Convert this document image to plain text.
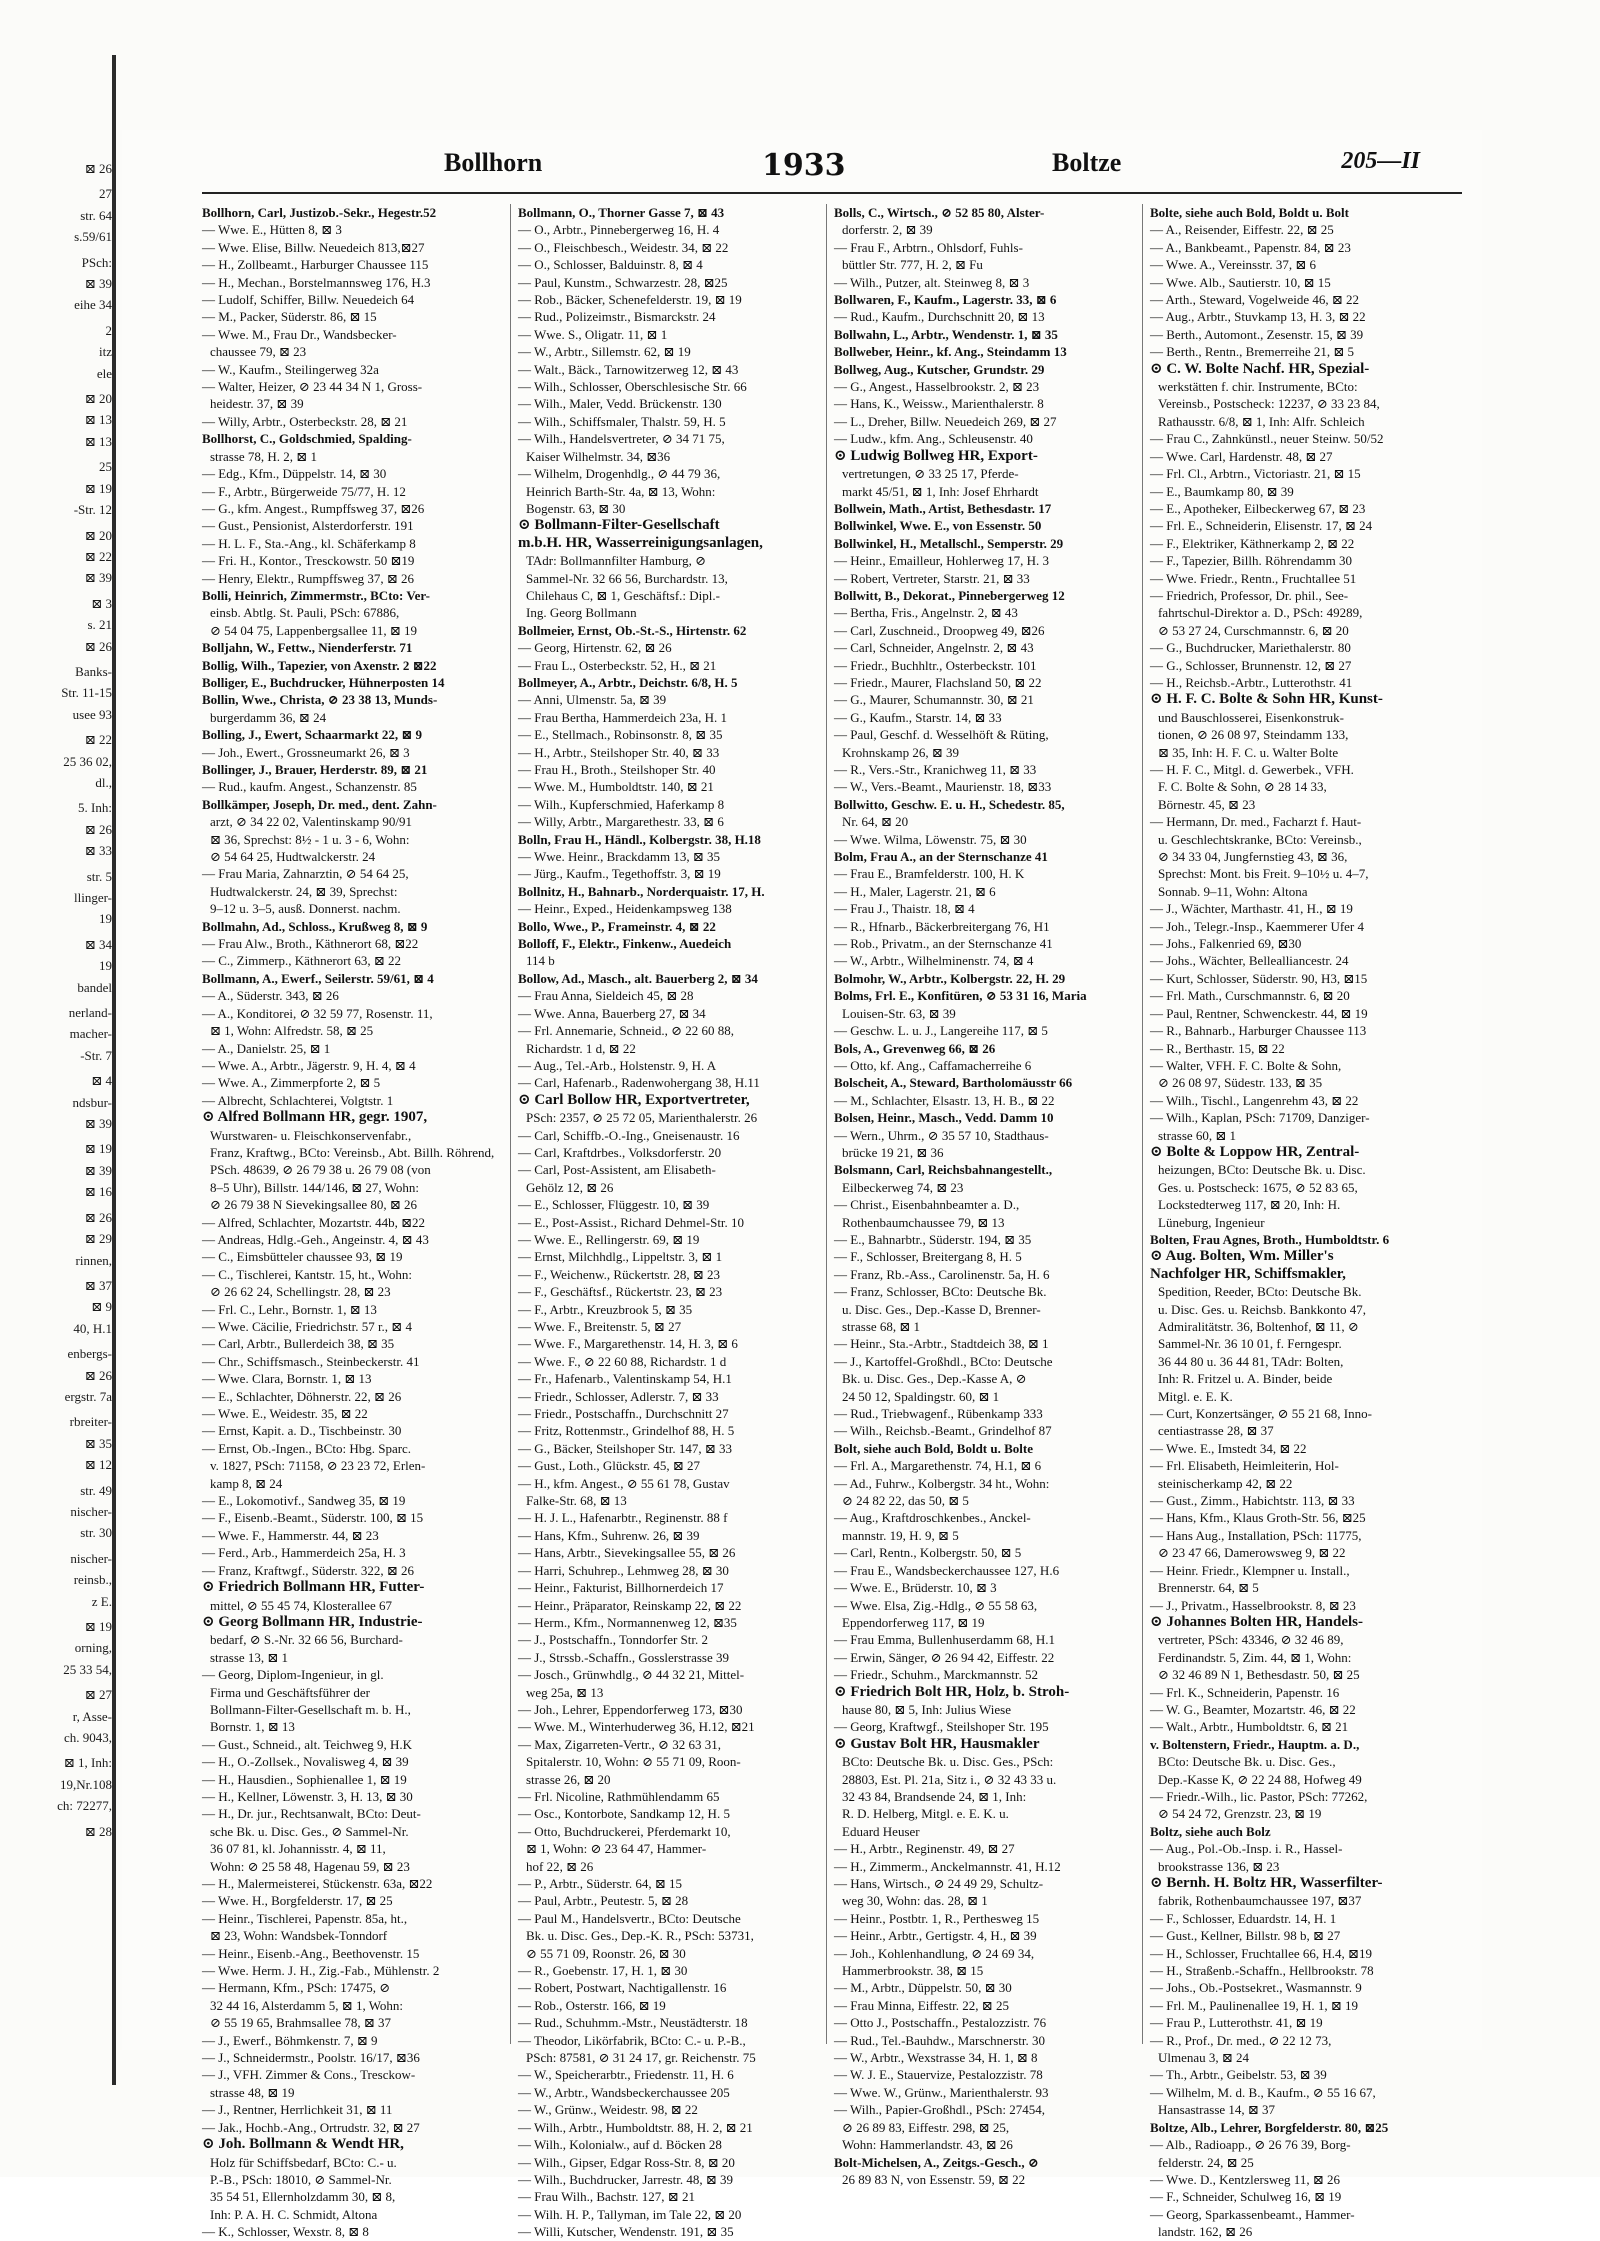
⊠ 26
27
str. 64
s.59/61
PSch:
⊠ 39
eihe 34
2
itz
ele
⊠ 20
⊠ 13
⊠ 13
25
⊠ 19
-Str. 12
⊠ 20
⊠ 22
⊠ 39
⊠ 3
s. 21
⊠ 26
Banks-
Str. 11-15
usee 93
⊠ 22
25 36 02,
dl.,
5. Inh:
⊠ 26
⊠ 33
str. 5
llinger-
19
⊠ 34
19
bandel
nerland-
macher-
-Str. 7
⊠ 4
ndsbur-
⊠ 39
⊠ 19
⊠ 39
⊠ 16
⊠ 26
⊠ 29
rinnen,
⊠ 37
⊠ 9
40, H.1
enbergs-
⊠ 26
ergstr. 7a
rbreiter-
⊠ 35
⊠ 12
str. 49
nischer-
str. 30
nischer-
reinsb.,
z E.
⊠ 19
orning,
25 33 54,
⊠ 27
r, Asse-
ch. 9043,
⊠ 1, Inh:
19,Nr.108
ch: 72277,
⊠ 28
Bollhorn	1933	Boltze	205—II
Bollhorn, Carl, Justizob.-Sekr., Hegestr.52
— Wwe. E., Hütten 8, ⊠ 3
— Wwe. Elise, Billw. Neuedeich 813,⊠27
— H., Zollbeamt., Harburger Chaussee 115
— H., Mechan., Borstelmannsweg 176, H.3
— Ludolf, Schiffer, Billw. Neuedeich 64
— M., Packer, Süderstr. 86, ⊠ 15
— Wwe. M., Frau Dr., Wandsbecker-
chaussee 79, ⊠ 23
— W., Kaufm., Steilingerweg 32a
— Walter, Heizer, ⊘ 23 44 34 N 1, Gross-
heidestr. 37, ⊠ 39
— Willy, Arbtr., Osterbeckstr. 28, ⊠ 21
Bollhorst, C., Goldschmied, Spalding-
strasse 78, H. 2, ⊠ 1
— Edg., Kfm., Düppelstr. 14, ⊠ 30
— F., Arbtr., Bürgerweide 75/77, H. 12
— G., kfm. Angest., Rumpffsweg 37, ⊠26
— Gust., Pensionist, Alsterdorferstr. 191
— H. L. F., Sta.-Ang., kl. Schäferkamp 8
— Fri. H., Kontor., Tresckowstr. 50 ⊠19
— Henry, Elektr., Rumpffsweg 37, ⊠ 26
Bolli, Heinrich, Zimmermstr., BCto: Ver-
einsb. Abtlg. St. Pauli, PSch: 67886,
⊘ 54 04 75, Lappenbergsallee 11, ⊠ 19
Bolljahn, W., Fettw., Nienderferstr. 71
Bollig, Wilh., Tapezier, von Axenstr. 2 ⊠22
Bolliger, E., Buchdrucker, Hühnerposten 14
Bollin, Wwe., Christa, ⊘ 23 38 13, Munds-
burgerdamm 36, ⊠ 24
Bolling, J., Ewert, Schaarmarkt 22, ⊠ 9
— Joh., Ewert., Grossneumarkt 26, ⊠ 3
Bollinger, J., Brauer, Herderstr. 89, ⊠ 21
— Rud., kaufm. Angest., Schanzenstr. 85
Bollkämper, Joseph, Dr. med., dent. Zahn-
arzt, ⊘ 34 22 02, Valentinskamp 90/91
⊠ 36, Sprechst: 8½ - 1 u. 3 - 6, Wohn:
⊘ 54 64 25, Hudtwalckerstr. 24
— Frau Maria, Zahnarztin, ⊘ 54 64 25,
Hudtwalckerstr. 24, ⊠ 39, Sprechst:
9–12 u. 3–5, ausß. Donnerst. nachm.
Bollmahn, Ad., Schloss., Krußweg 8, ⊠ 9
— Frau Alw., Broth., Käthnerort 68, ⊠22
— C., Zimmerp., Käthnerort 63, ⊠ 22
Bollmann, A., Ewerf., Seilerstr. 59/61, ⊠ 4
— A., Süderstr. 343, ⊠ 26
— A., Konditorei, ⊘ 32 59 77, Rosenstr. 11,
⊠ 1, Wohn: Alfredstr. 58, ⊠ 25
— A., Danielstr. 25, ⊠ 1
— Wwe. A., Arbtr., Jägerstr. 9, H. 4, ⊠ 4
— Wwe. A., Zimmerpforte 2, ⊠ 5
— Albrecht, Schlachterei, Volgtstr. 1
⊙ Alfred Bollmann HR, gegr. 1907,
Wurstwaren- u. Fleischkonservenfabr.,
Franz, Kraftwg., BCto: Vereinsb., Abt. Billh. Röhrend,
PSch. 48639, ⊘ 26 79 38 u. 26 79 08 (von
8–5 Uhr), Billstr. 144/146, ⊠ 27, Wohn:
⊘ 26 79 38 N Sievekingsallee 80, ⊠ 26
— Alfred, Schlachter, Mozartstr. 44b, ⊠22
— Andreas, Hdlg.-Geh., Angeinstr. 4, ⊠ 43
— C., Eimsbütteler chaussee 93, ⊠ 19
— C., Tischlerei, Kantstr. 15, ht., Wohn:
⊘ 26 62 24, Schellingstr. 28, ⊠ 23
— Frl. C., Lehr., Bornstr. 1, ⊠ 13
— Wwe. Cäcilie, Friedrichstr. 57 r., ⊠ 4
— Carl, Arbtr., Bullerdeich 38, ⊠ 35
— Chr., Schiffsmasch., Steinbeckerstr. 41
— Wwe. Clara, Bornstr. 1, ⊠ 13
— E., Schlachter, Döhnerstr. 22, ⊠ 26
— Wwe. E., Weidestr. 35, ⊠ 22
— Ernst, Kapit. a. D., Tischbeinstr. 30
— Ernst, Ob.-Ingen., BCto: Hbg. Sparc.
v. 1827, PSch: 71158, ⊘ 23 23 72, Erlen-
kamp 8, ⊠ 24
— E., Lokomotivf., Sandweg 35, ⊠ 19
— F., Eisenb.-Beamt., Süderstr. 100, ⊠ 15
— Wwe. F., Hammerstr. 44, ⊠ 23
— Ferd., Arb., Hammerdeich 25a, H. 3
— Franz, Kraftwgf., Süderstr. 322, ⊠ 26
⊙ Friedrich Bollmann HR, Futter-
mittel, ⊘ 55 45 74, Klosterallee 67
⊙ Georg Bollmann HR, Industrie-
bedarf, ⊘ S.-Nr. 32 66 56, Burchard-
strasse 13, ⊠ 1
— Georg, Diplom-Ingenieur, in gl.
Firma und Geschäftsführer der
Bollmann-Filter-Gesellschaft m. b. H.,
Bornstr. 1, ⊠ 13
— Gust., Schneid., alt. Teichweg 9, H.K
— H., O.-Zollsek., Novalisweg 4, ⊠ 39
— H., Hausdien., Sophienallee 1, ⊠ 19
— H., Kellner, Löwenstr. 3, H. 13, ⊠ 30
— H., Dr. jur., Rechtsanwalt, BCto: Deut-
sche Bk. u. Disc. Ges., ⊘ Sammel-Nr.
36 07 81, kl. Johannisstr. 4, ⊠ 11,
Wohn: ⊘ 25 58 48, Hagenau 59, ⊠ 23
— H., Malermeisterei, Stückenstr. 63a, ⊠22
— Wwe. H., Borgfelderstr. 17, ⊠ 25
— Heinr., Tischlerei, Papenstr. 85a, ht.,
⊠ 23, Wohn: Wandsbek-Tonndorf
— Heinr., Eisenb.-Ang., Beethovenstr. 15
— Wwe. Herm. J. H., Zig.-Fab., Mühlenstr. 2
— Hermann, Kfm., PSch: 17475, ⊘
32 44 16, Alsterdamm 5, ⊠ 1, Wohn:
⊘ 55 19 65, Brahmsallee 78, ⊠ 37
— J., Ewerf., Böhmkenstr. 7, ⊠ 9
— J., Schneidermstr., Poolstr. 16/17, ⊠36
— J., VFH. Zimmer & Cons., Tresckow-
strasse 48, ⊠ 19
— J., Rentner, Herrlichkeit 31, ⊠ 11
— Jak., Hochb.-Ang., Ortrudstr. 32, ⊠ 27
⊙ Joh. Bollmann & Wendt HR,
Holz für Schiffsbedarf, BCto: C.- u.
P.-B., PSch: 18010, ⊘ Sammel-Nr.
35 54 51, Ellernholzdamm 30, ⊠ 8,
Inh: P. A. H. C. Schmidt, Altona
— K., Schlosser, Wexstr. 8, ⊠ 8
Bollmann, O., Thorner Gasse 7, ⊠ 43
— O., Arbtr., Pinnebergerweg 16, H. 4
— O., Fleischbesch., Weidestr. 34, ⊠ 22
— O., Schlosser, Balduinstr. 8, ⊠ 4
— Paul, Kunstm., Schwarzestr. 28, ⊠25
— Rob., Bäcker, Schenefelderstr. 19, ⊠ 19
— Rud., Polizeimstr., Bismarckstr. 24
— Wwe. S., Oligatr. 11, ⊠ 1
— W., Arbtr., Sillemstr. 62, ⊠ 19
— Walt., Bäck., Tarnowitzerweg 12, ⊠ 43
— Wilh., Schlosser, Oberschlesische Str. 66
— Wilh., Maler, Vedd. Brückenstr. 130
— Wilh., Schiffsmaler, Thalstr. 59, H. 5
— Wilh., Handelsvertreter, ⊘ 34 71 75,
Kaiser Wilhelmstr. 34, ⊠36
— Wilhelm, Drogenhdlg., ⊘ 44 79 36,
Heinrich Barth-Str. 4a, ⊠ 13, Wohn:
Bogenstr. 63, ⊠ 30
⊙ Bollmann-Filter-Gesellschaft
m.b.H. HR, Wasserreinigungsanlagen,
TAdr: Bollmannfilter Hamburg, ⊘
Sammel-Nr. 32 66 56, Burchardstr. 13,
Chilehaus C, ⊠ 1, Geschäftsf.: Dipl.-
Ing. Georg Bollmann
Bollmeier, Ernst, Ob.-St.-S., Hirtenstr. 62
— Georg, Hirtenstr. 62, ⊠ 26
— Frau L., Osterbeckstr. 52, H., ⊠ 21
Bollmeyer, A., Arbtr., Deichstr. 6/8, H. 5
— Anni, Ulmenstr. 5a, ⊠ 39
— Frau Bertha, Hammerdeich 23a, H. 1
— E., Stellmach., Robinsonstr. 8, ⊠ 35
— H., Arbtr., Steilshoper Str. 40, ⊠ 33
— Frau H., Broth., Steilshoper Str. 40
— Wwe. M., Humboldtstr. 140, ⊠ 21
— Wilh., Kupferschmied, Haferkamp 8
— Willy, Arbtr., Margarethestr. 33, ⊠ 6
Bolln, Frau H., Händl., Kolbergstr. 38, H.18
— Wwe. Heinr., Brackdamm 13, ⊠ 35
— Jürg., Kaufm., Tegethoffstr. 3, ⊠ 19
Bollnitz, H., Bahnarb., Norderquaistr. 17, H.
— Heinr., Exped., Heidenkampsweg 138
Bollo, Wwe., P., Frameinstr. 4, ⊠ 22
Bolloff, F., Elektr., Finkenw., Auedeich
114 b
Bollow, Ad., Masch., alt. Bauerberg 2, ⊠ 34
— Frau Anna, Sieldeich 45, ⊠ 28
— Wwe. Anna, Bauerberg 27, ⊠ 34
— Frl. Annemarie, Schneid., ⊘ 22 60 88,
Richardstr. 1 d, ⊠ 22
— Aug., Tel.-Arb., Holstenstr. 9, H. A
— Carl, Hafenarb., Radenwohergang 38, H.11
⊙ Carl Bollow HR, Exportvertreter,
PSch: 2357, ⊘ 25 72 05, Marienthalerstr. 26
— Carl, Schiffb.-O.-Ing., Gneisenaustr. 16
— Carl, Kraftdrbes., Volksdorferstr. 20
— Carl, Post-Assistent, am Elisabeth-
Gehölz 12, ⊠ 26
— E., Schlosser, Flüggestr. 10, ⊠ 39
— E., Post-Assist., Richard Dehmel-Str. 10
— Wwe. E., Rellingerstr. 69, ⊠ 19
— Ernst, Milchhdlg., Lippeltstr. 3, ⊠ 1
— F., Weichenw., Rückertstr. 28, ⊠ 23
— F., Geschäftsf., Rückertstr. 23, ⊠ 23
— F., Arbtr., Kreuzbrook 5, ⊠ 35
— Wwe. F., Breitenstr. 5, ⊠ 27
— Wwe. F., Margarethenstr. 14, H. 3, ⊠ 6
— Wwe. F., ⊘ 22 60 88, Richardstr. 1 d
— Fr., Hafenarb., Valentinskamp 54, H.1
— Friedr., Schlosser, Adlerstr. 7, ⊠ 33
— Friedr., Postschaffn., Durchschnitt 27
— Fritz, Rottenmstr., Grindelhof 88, H. 5
— G., Bäcker, Steilshoper Str. 147, ⊠ 33
— Gust., Loth., Glückstr. 45, ⊠ 27
— H., kfm. Angest., ⊘ 55 61 78, Gustav
Falke-Str. 68, ⊠ 13
— H. J. L., Hafenarbtr., Reginenstr. 88 f
— Hans, Kfm., Suhrenw. 26, ⊠ 39
— Hans, Arbtr., Sievekingsallee 55, ⊠ 26
— Harri, Schuhrep., Lehmweg 28, ⊠ 30
— Heinr., Fakturist, Billhornerdeich 17
— Heinr., Präparator, Reinskamp 22, ⊠ 22
— Herm., Kfm., Normannenweg 12, ⊠35
— J., Postschaffn., Tonndorfer Str. 2
— J., Strssb.-Schaffn., Gosslerstrasse 39
— Josch., Grünwhdlg., ⊘ 44 32 21, Mittel-
weg 25a, ⊠ 13
— Joh., Lehrer, Eppendorferweg 173, ⊠30
— Wwe. M., Winterhuderweg 36, H.12, ⊠21
— Max, Zigarreten-Vertr., ⊘ 32 63 31,
Spitalerstr. 10, Wohn: ⊘ 55 71 09, Roon-
strasse 26, ⊠ 20
— Frl. Nicoline, Rathmühlendamm 65
— Osc., Kontorbote, Sandkamp 12, H. 5
— Otto, Buchdruckerei, Pferdemarkt 10,
⊠ 1, Wohn: ⊘ 23 64 47, Hammer-
hof 22, ⊠ 26
— P., Arbtr., Süderstr. 64, ⊠ 15
— Paul, Arbtr., Peutestr. 5, ⊠ 28
— Paul M., Handelsvertr., BCto: Deutsche
Bk. u. Disc. Ges., Dep.-K. R., PSch: 53731,
⊘ 55 71 09, Roonstr. 26, ⊠ 30
— R., Goebenstr. 17, H. 1, ⊠ 30
— Robert, Postwart, Nachtigallenstr. 16
— Rob., Osterstr. 166, ⊠ 19
— Rud., Schuhmm.-Mstr., Neustädterstr. 18
— Theodor, Likörfabrik, BCto: C.- u. P.-B.,
PSch: 87581, ⊘ 31 24 17, gr. Reichenstr. 75
— W., Speicherarbtr., Friedenstr. 11, H. 6
— W., Arbtr., Wandsbeckerchaussee 205
— W., Grünw., Weidestr. 98, ⊠ 22
— Wilh., Arbtr., Humboldtstr. 88, H. 2, ⊠ 21
— Wilh., Kolonialw., auf d. Böcken 28
— Wilh., Gipser, Edgar Ross-Str. 8, ⊠ 20
— Wilh., Buchdrucker, Jarrestr. 48, ⊠ 39
— Frau Wilh., Bachstr. 127, ⊠ 21
— Wilh. H. P., Tallyman, im Tale 22, ⊠ 20
— Willi, Kutscher, Wendenstr. 191, ⊠ 35
Bolls, C., Wirtsch., ⊘ 52 85 80, Alster-
dorferstr. 2, ⊠ 39
— Frau F., Arbtrn., Ohlsdorf, Fuhls-
büttler Str. 777, H. 2, ⊠ Fu
— Wilh., Putzer, alt. Steinweg 8, ⊠ 3
Bollwaren, F., Kaufm., Lagerstr. 33, ⊠ 6
— Rud., Kaufm., Durchschnitt 20, ⊠ 13
Bollwahn, L., Arbtr., Wendenstr. 1, ⊠ 35
Bollweber, Heinr., kf. Ang., Steindamm 13
Bollweg, Aug., Kutscher, Grundstr. 29
— G., Angest., Hasselbrookstr. 2, ⊠ 23
— Hans, K., Weissw., Marienthalerstr. 8
— L., Dreher, Billw. Neuedeich 269, ⊠ 27
— Ludw., kfm. Ang., Schleusenstr. 40
⊙ Ludwig Bollweg HR, Export-
vertretungen, ⊘ 33 25 17, Pferde-
markt 45/51, ⊠ 1, Inh: Josef Ehrhardt
Bollwein, Math., Artist, Bethesdastr. 17
Bollwinkel, Wwe. E., von Essenstr. 50
Bollwinkel, H., Metallschl., Semperstr. 29
— Heinr., Emailleur, Hohlerweg 17, H. 3
— Robert, Vertreter, Starstr. 21, ⊠ 33
Bollwitt, B., Dekorat., Pinnebergerweg 12
— Bertha, Fris., Angelnstr. 2, ⊠ 43
— Carl, Zuschneid., Droopweg 49, ⊠26
— Carl, Schneider, Angelnstr. 2, ⊠ 43
— Friedr., Buchhltr., Osterbeckstr. 101
— Friedr., Maurer, Flachsland 50, ⊠ 22
— G., Maurer, Schumannstr. 30, ⊠ 21
— G., Kaufm., Starstr. 14, ⊠ 33
— Paul, Geschf. d. Wesselhöft & Rüting,
Krohnskamp 26, ⊠ 39
— R., Vers.-Str., Kranichweg 11, ⊠ 33
— W., Vers.-Beamt., Maurienstr. 18, ⊠33
Bollwitto, Geschw. E. u. H., Schedestr. 85,
Nr. 64, ⊠ 20
— Wwe. Wilma, Löwenstr. 75, ⊠ 30
Bolm, Frau A., an der Sternschanze 41
— Frau E., Bramfelderstr. 100, H. K
— H., Maler, Lagerstr. 21, ⊠ 6
— Frau J., Thaistr. 18, ⊠ 4
— R., Hfnarb., Bäckerbreitergang 76, H1
— Rob., Privatm., an der Sternschanze 41
— W., Arbtr., Wilhelminenstr. 74, ⊠ 4
Bolmohr, W., Arbtr., Kolbergstr. 22, H. 29
Bolms, Frl. E., Konfitüren, ⊘ 53 31 16, Maria
Louisen-Str. 63, ⊠ 39
— Geschw. L. u. J., Langereihe 117, ⊠ 5
Bols, A., Grevenweg 66, ⊠ 26
— Otto, kf. Ang., Caffamacherreihe 6
Bolscheit, A., Steward, Bartholomäusstr 66
— M., Schlachter, Elsastr. 13, H. B., ⊠ 22
Bolsen, Heinr., Masch., Vedd. Damm 10
— Wern., Uhrm., ⊘ 35 57 10, Stadthaus-
brücke 19 21, ⊠ 36
Bolsmann, Carl, Reichsbahnangestellt.,
Eilbeckerweg 74, ⊠ 23
— Christ., Eisenbahnbeamter a. D.,
Rothenbaumchaussee 79, ⊠ 13
— E., Bahnarbtr., Süderstr. 194, ⊠ 35
— F., Schlosser, Breitergang 8, H. 5
— Franz, Rb.-Ass., Carolinenstr. 5a, H. 6
— Franz, Schlosser, BCto: Deutsche Bk.
u. Disc. Ges., Dep.-Kasse D, Brenner-
strasse 68, ⊠ 1
— Heinr., Sta.-Arbtr., Stadtdeich 38, ⊠ 1
— J., Kartoffel-Großhdl., BCto: Deutsche
Bk. u. Disc. Ges., Dep.-Kasse A, ⊘
24 50 12, Spaldingstr. 60, ⊠ 1
— Rud., Triebwagenf., Rübenkamp 333
— Wilh., Reichsb.-Beamt., Grindelhof 87
Bolt, siehe auch Bold, Boldt u. Bolte
— Frl. A., Margarethenstr. 74, H.1, ⊠ 6
— Ad., Fuhrw., Kolbergstr. 34 ht., Wohn:
⊘ 24 82 22, das 50, ⊠ 5
— Aug., Kraftdroschkenbes., Anckel-
mannstr. 19, H. 9, ⊠ 5
— Carl, Rentn., Kolbergstr. 50, ⊠ 5
— Frau E., Wandsbeckerchaussee 127, H.6
— Wwe. E., Brüderstr. 10, ⊠ 3
— Wwe. Elsa, Zig.-Hdlg., ⊘ 55 58 63,
Eppendorferweg 117, ⊠ 19
— Frau Emma, Bullenhuserdamm 68, H.1
— Erwin, Sänger, ⊘ 26 94 42, Eiffestr. 22
— Friedr., Schuhm., Marckmannstr. 52
⊙ Friedrich Bolt HR, Holz, b. Stroh-
hause 80, ⊠ 5, Inh: Julius Wiese
— Georg, Kraftwgf., Steilshoper Str. 195
⊙ Gustav Bolt HR, Hausmakler
BCto: Deutsche Bk. u. Disc. Ges., PSch:
28803, Est. Pl. 21a, Sitz i., ⊘ 32 43 33 u.
32 43 84, Brandsende 24, ⊠ 1, Inh:
R. D. Helberg, Mitgl. e. E. K. u.
Eduard Heuser
— H., Arbtr., Reginenstr. 49, ⊠ 27
— H., Zimmerm., Anckelmannstr. 41, H.12
— Hans, Wirtsch., ⊘ 24 49 29, Schultz-
weg 30, Wohn: das. 28, ⊠ 1
— Heinr., Postbtr. 1, R., Perthesweg 15
— Heinr., Arbtr., Gertigstr. 4, H., ⊠ 39
— Joh., Kohlenhandlung, ⊘ 24 69 34,
Hammerbrookstr. 38, ⊠ 15
— M., Arbtr., Düppelstr. 50, ⊠ 30
— Frau Minna, Eiffestr. 22, ⊠ 25
— Otto J., Postschaffn., Pestalozzistr. 76
— Rud., Tel.-Bauhdw., Marschnerstr. 30
— W., Arbtr., Wexstrasse 34, H. 1, ⊠ 8
— W. J. E., Stauervize, Pestalozzistr. 78
— Wwe. W., Grünw., Marienthalerstr. 93
— Wilh., Papier-Großhdl., PSch: 27454,
⊘ 26 89 83, Eiffestr. 298, ⊠ 25,
Wohn: Hammerlandstr. 43, ⊠ 26
Bolt-Michelsen, A., Zeitgs.-Gesch., ⊘
26 89 83 N, von Essenstr. 59, ⊠ 22
Bolte, siehe auch Bold, Boldt u. Bolt
— A., Reisender, Eiffestr. 22, ⊠ 25
— A., Bankbeamt., Papenstr. 84, ⊠ 23
— Wwe. A., Vereinsstr. 37, ⊠ 6
— Wwe. Alb., Sautierstr. 10, ⊠ 15
— Arth., Steward, Vogelweide 46, ⊠ 22
— Aug., Arbtr., Stuvkamp 13, H. 3, ⊠ 22
— Berth., Automont., Zesenstr. 15, ⊠ 39
— Berth., Rentn., Bremerreihe 21, ⊠ 5
⊙ C. W. Bolte Nachf. HR, Spezial-
werkstätten f. chir. Instrumente, BCto:
Vereinsb., Postscheck: 12237, ⊘ 33 23 84,
Rathausstr. 6/8, ⊠ 1, Inh: Alfr. Schleich
— Frau C., Zahnkünstl., neuer Steinw. 50/52
— Wwe. Carl, Hardenstr. 48, ⊠ 27
— Frl. Cl., Arbtrn., Victoriastr. 21, ⊠ 15
— E., Baumkamp 80, ⊠ 39
— E., Apotheker, Eilbeckerweg 67, ⊠ 23
— Frl. E., Schneiderin, Elisenstr. 17, ⊠ 24
— F., Elektriker, Käthnerkamp 2, ⊠ 22
— F., Tapezier, Billh. Röhrendamm 30
— Wwe. Friedr., Rentn., Fruchtallee 51
— Friedrich, Professor, Dr. phil., See-
fahrtschul-Direktor a. D., PSch: 49289,
⊘ 53 27 24, Curschmannstr. 6, ⊠ 20
— G., Buchdrucker, Mariethalerstr. 80
— G., Schlosser, Brunnenstr. 12, ⊠ 27
— H., Reichsb.-Arbtr., Lutterothstr. 41
⊙ H. F. C. Bolte & Sohn HR, Kunst-
und Bauschlosserei, Eisenkonstruk-
tionen, ⊘ 26 08 97, Steindamm 133,
⊠ 35, Inh: H. F. C. u. Walter Bolte
— H. F. C., Mitgl. d. Gewerbek., VFH.
F. C. Bolte & Sohn, ⊘ 28 14 33,
Börnestr. 45, ⊠ 23
— Hermann, Dr. med., Facharzt f. Haut-
u. Geschlechtskranke, BCto: Vereinsb.,
⊘ 34 33 04, Jungfernstieg 43, ⊠ 36,
Sprechst: Mont. bis Freit. 9–10½ u. 4–7,
Sonnab. 9–11, Wohn: Altona
— J., Wächter, Marthastr. 41, H., ⊠ 19
— Joh., Telegr.-Insp., Kaemmerer Ufer 4
— Johs., Falkenried 69, ⊠30
— Johs., Wächter, Bellealliancestr. 24
— Kurt, Schlosser, Süderstr. 90, H3, ⊠15
— Frl. Math., Curschmannstr. 6, ⊠ 20
— Paul, Rentner, Schwenckestr. 44, ⊠ 19
— R., Bahnarb., Harburger Chaussee 113
— R., Berthastr. 15, ⊠ 22
— Walter, VFH. F. C. Bolte & Sohn,
⊘ 26 08 97, Südestr. 133, ⊠ 35
— Wilh., Tischl., Langenrehm 43, ⊠ 22
— Wilh., Kaplan, PSch: 71709, Danziger-
strasse 60, ⊠ 1
⊙ Bolte & Loppow HR, Zentral-
heizungen, BCto: Deutsche Bk. u. Disc.
Ges. u. Postscheck: 1675, ⊘ 52 83 65,
Lockstedterweg 117, ⊠ 20, Inh: H.
Lüneburg, Ingenieur
Bolten, Frau Agnes, Broth., Humboldtstr. 6
⊙ Aug. Bolten, Wm. Miller's
Nachfolger HR, Schiffsmakler,
Spedition, Reeder, BCto: Deutsche Bk.
u. Disc. Ges. u. Reichsb. Bankkonto 47,
Admiralitätstr. 36, Boltenhof, ⊠ 11, ⊘
Sammel-Nr. 36 10 01, f. Ferngespr.
36 44 80 u. 36 44 81, TAdr: Bolten,
Inh: R. Fritzel u. A. Binder, beide
Mitgl. e. E. K.
— Curt, Konzertsänger, ⊘ 55 21 68, Inno-
centiastrasse 28, ⊠ 37
— Wwe. E., Imstedt 34, ⊠ 22
— Frl. Elisabeth, Heimleiterin, Hol-
steinischerkamp 42, ⊠ 22
— Gust., Zimm., Habichtstr. 113, ⊠ 33
— Hans, Kfm., Klaus Groth-Str. 56, ⊠25
— Hans Aug., Installation, PSch: 11775,
⊘ 23 47 66, Damerowsweg 9, ⊠ 22
— Heinr. Friedr., Klempner u. Install.,
Brennerstr. 64, ⊠ 5
— J., Privatm., Hasselbrookstr. 8, ⊠ 23
⊙ Johannes Bolten HR, Handels-
vertreter, PSch: 43346, ⊘ 32 46 89,
Ferdinandstr. 5, Zim. 44, ⊠ 1, Wohn:
⊘ 32 46 89 N 1, Bethesdastr. 50, ⊠ 25
— Frl. K., Schneiderin, Papenstr. 16
— W. G., Beamter, Mozartstr. 46, ⊠ 22
— Walt., Arbtr., Humboldtstr. 6, ⊠ 21
v. Boltenstern, Friedr., Hauptm. a. D.,
BCto: Deutsche Bk. u. Disc. Ges.,
Dep.-Kasse K, ⊘ 22 24 88, Hofweg 49
— Friedr.-Wilh., lic. Pastor, PSch: 77262,
⊘ 54 24 72, Grenzstr. 23, ⊠ 19
Boltz, siehe auch Bolz
— Aug., Pol.-Ob.-Insp. i. R., Hassel-
brookstrasse 136, ⊠ 23
⊙ Bernh. H. Boltz HR, Wasserfilter-
fabrik, Rothenbaumchaussee 197, ⊠37
— F., Schlosser, Eduardstr. 14, H. 1
— Gust., Kellner, Billstr. 98 b, ⊠ 27
— H., Schlosser, Fruchtallee 66, H.4, ⊠19
— H., Straßenb.-Schaffn., Hellbrookstr. 78
— Johs., Ob.-Postsekret., Wasmannstr. 9
— Frl. M., Paulinenallee 19, H. 1, ⊠ 19
— Frau P., Lutterothstr. 41, ⊠ 19
— R., Prof., Dr. med., ⊘ 22 12 73,
Ulmenau 3, ⊠ 24
— Th., Arbtr., Geibelstr. 53, ⊠ 39
— Wilhelm, M. d. B., Kaufm., ⊘ 55 16 67,
Hansastrasse 14, ⊠ 37
Boltze, Alb., Lehrer, Borgfelderstr. 80, ⊠25
— Alb., Radioapp., ⊘ 26 76 39, Borg-
felderstr. 24, ⊠ 25
— Wwe. D., Kentzlersweg 11, ⊠ 26
— F., Schneider, Schulweg 16, ⊠ 19
— Georg, Sparkassenbeamt., Hammer-
landstr. 162, ⊠ 26
